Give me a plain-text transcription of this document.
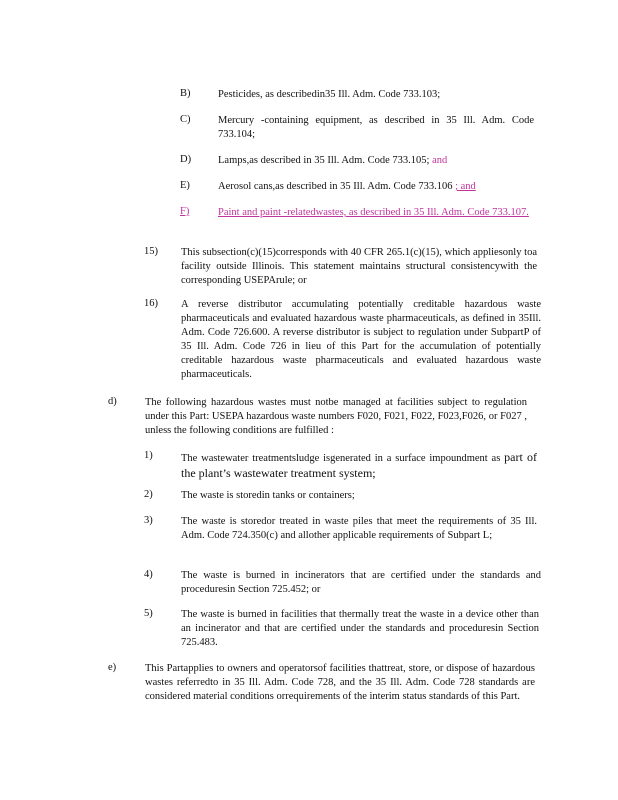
B)	Pesticides, as describedin35 Ill. Adm. Code 733.103;
C)	Mercury -containing equipment, as described in 35 Ill. Adm. Code 733.104;
D)	Lamps,as described in 35 Ill. Adm. Code 733.105; and
E)	Aerosol cans,as described in 35 Ill. Adm. Code 733.106 ; and
F)	Paint and paint -relatedwastes, as described in 35 Ill. Adm. Code 733.107.
15) This subsection(c)(15)corresponds with 40 CFR 265.1(c)(15), which appliesonly toa facility outside Illinois. This statement maintains structural consistencywith the corresponding USEPArule; or
16) A reverse distributor accumulating potentially creditable hazardous waste pharmaceuticals and evaluated hazardous waste pharmaceuticals, as defined in 35Ill. Adm. Code 726.600. A reverse distributor is subject to regulation under SubpartP of 35 Ill. Adm. Code 726 in lieu of this Part for the accumulation of potentially creditable hazardous waste pharmaceuticals and evaluated hazardous waste pharmaceuticals.
d)	The following hazardous wastes must notbe managed at facilities subject to regulation under this Part: USEPA hazardous waste numbers F020, F021, F022, F023,F026, or F027 , unless the following conditions are fulfilled :
1)	The wastewater treatmentsludge isgenerated in a surface impoundment as part of the plant’s wastewater treatment system;
2)	The waste is storedin tanks or containers;
3)	The waste is storedor treated in waste piles that meet the requirements of 35 Ill. Adm. Code 724.350(c) and allother applicable requirements of Subpart L;
4)	The waste is burned in incinerators that are certified under the standards and proceduresin Section 725.452; or
5)	The waste is burned in facilities that thermally treat the waste in a device other than an incinerator and that are certified under the standards and proceduresin Section 725.483.
e)	This Partapplies to owners and operatorsof facilities thattreat, store, or dispose of hazardous wastes referredto in 35 Ill. Adm. Code 728, and the 35 Ill. Adm. Code 728 standards are considered material conditions orrequirements of the interim status standards of this Part.
